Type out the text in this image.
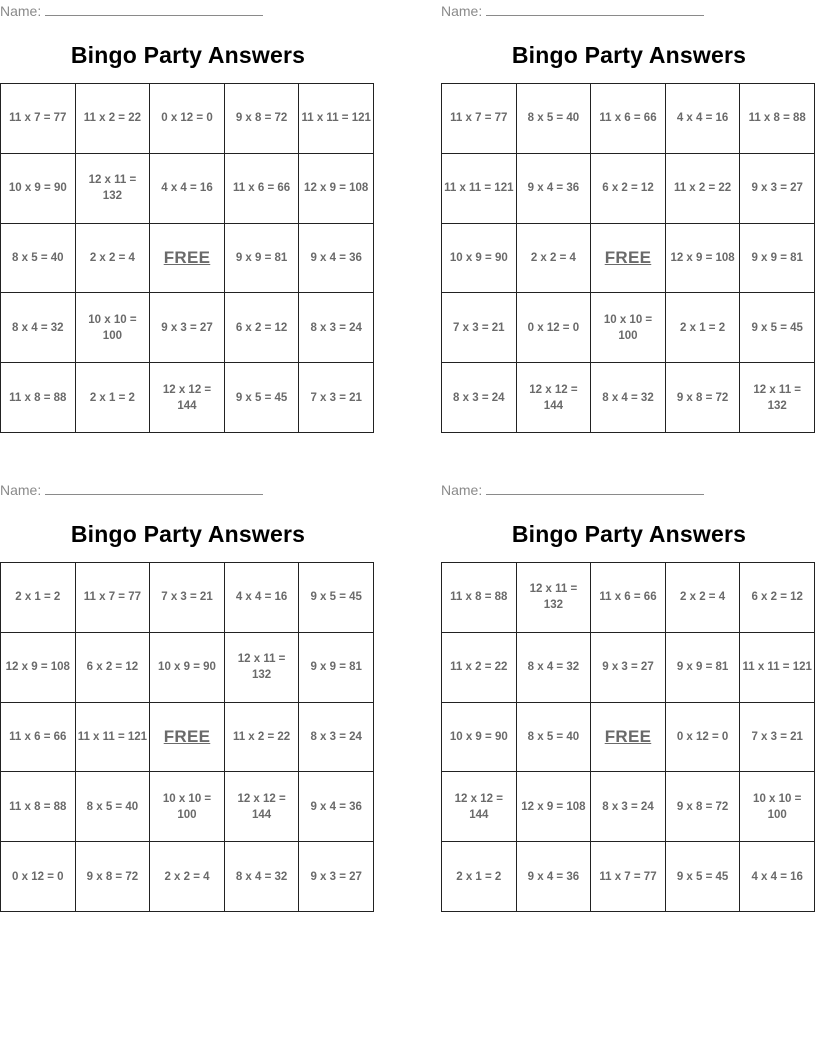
Name:
Bingo Party Answers
11 x 7 = 77	11 x 2 = 22	0 x 12 = 0	9 x 8 = 72	11 x 11 = 121
10 x 9 = 90	12 x 11 = 132	4 x 4 = 16	11 x 6 = 66	12 x 9 = 108
8 x 5 = 40	2 x 2 = 4	FREE	9 x 9 = 81	9 x 4 = 36
8 x 4 = 32	10 x 10 = 100	9 x 3 = 27	6 x 2 = 12	8 x 3 = 24
11 x 8 = 88	2 x 1 = 2	12 x 12 = 144	9 x 5 = 45	7 x 3 = 21
Name:
Bingo Party Answers
11 x 7 = 77	8 x 5 = 40	11 x 6 = 66	4 x 4 = 16	11 x 8 = 88
11 x 11 = 121	9 x 4 = 36	6 x 2 = 12	11 x 2 = 22	9 x 3 = 27
10 x 9 = 90	2 x 2 = 4	FREE	12 x 9 = 108	9 x 9 = 81
7 x 3 = 21	0 x 12 = 0	10 x 10 = 100	2 x 1 = 2	9 x 5 = 45
8 x 3 = 24	12 x 12 = 144	8 x 4 = 32	9 x 8 = 72	12 x 11 = 132
Name:
Bingo Party Answers
2 x 1 = 2	11 x 7 = 77	7 x 3 = 21	4 x 4 = 16	9 x 5 = 45
12 x 9 = 108	6 x 2 = 12	10 x 9 = 90	12 x 11 = 132	9 x 9 = 81
11 x 6 = 66	11 x 11 = 121	FREE	11 x 2 = 22	8 x 3 = 24
11 x 8 = 88	8 x 5 = 40	10 x 10 = 100	12 x 12 = 144	9 x 4 = 36
0 x 12 = 0	9 x 8 = 72	2 x 2 = 4	8 x 4 = 32	9 x 3 = 27
Name:
Bingo Party Answers
11 x 8 = 88	12 x 11 = 132	11 x 6 = 66	2 x 2 = 4	6 x 2 = 12
11 x 2 = 22	8 x 4 = 32	9 x 3 = 27	9 x 9 = 81	11 x 11 = 121
10 x 9 = 90	8 x 5 = 40	FREE	0 x 12 = 0	7 x 3 = 21
12 x 12 = 144	12 x 9 = 108	8 x 3 = 24	9 x 8 = 72	10 x 10 = 100
2 x 1 = 2	9 x 4 = 36	11 x 7 = 77	9 x 5 = 45	4 x 4 = 16
